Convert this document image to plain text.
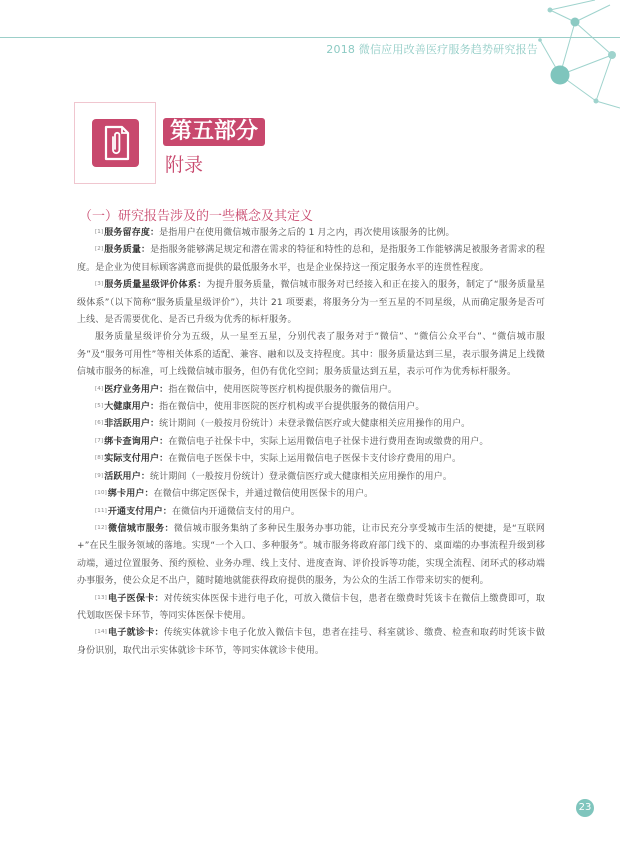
2018 微信应用改善医疗服务趋势研究报告
第五部分
附录
（一）研究报告涉及的一些概念及其定义

[1]服务留存度：是指用户在使用微信城市服务之后的 1 月之内，再次使用该服务的比例。

[2]服务质量：是指服务能够满足规定和潜在需求的特征和特性的总和，是指服务工作能够满足被服务者需求的程度。是企业为使目标顾客满意而提供的最低服务水平，也是企业保持这一预定服务水平的连贯性程度。

[3]服务质量星级评价体系：为提升服务质量，微信城市服务对已经接入和正在接入的服务，制定了“服务质量星级体系”（以下简称“服务质量星级评价”），共计 21 项要素，将服务分为一至五星的不同星级，从而确定服务是否可上线、是否需要优化、是否已升级为优秀的标杆服务。

服务质量星级评价分为五级，从一星至五星，分别代表了服务对于“微信”、“微信公众平台”、“微信城市服务”及“服务可用性”等相关体系的适配、兼容、融和以及支持程度。其中：服务质量达到三星，表示服务满足上线微信城市服务的标准，可上线微信城市服务，但仍有优化空间；服务质量达到五星，表示可作为优秀标杆服务。

[4]医疗业务用户：指在微信中，使用医院等医疗机构提供服务的微信用户。

[5]大健康用户：指在微信中，使用非医院的医疗机构或平台提供服务的微信用户。

[6]非活跃用户：统计期间（一般按月份统计）未登录微信医疗或大健康相关应用操作的用户。

[7]绑卡查询用户：在微信电子社保卡中，实际上运用微信电子社保卡进行费用查询或缴费的用户。

[8]实际支付用户：在微信电子医保卡中，实际上运用微信电子医保卡支付诊疗费用的用户。

[9]活跃用户：统计期间（一般按月份统计）登录微信医疗或大健康相关应用操作的用户。

[10]绑卡用户：在微信中绑定医保卡，并通过微信使用医保卡的用户。

[11]开通支付用户：在微信内开通微信支付的用户。

[12]微信城市服务：微信城市服务集纳了多种民生服务办事功能，让市民充分享受城市生活的便捷，是“互联网 +”在民生服务领域的落地。实现“一个入口、多种服务”。城市服务将政府部门线下的、桌面端的办事流程升级到移动端，通过位置服务、预约预检、业务办理、线上支付、进度查询、评价投诉等功能，实现全流程、闭环式的移动端办事服务，使公众足不出户，随时随地就能获得政府提供的服务，为公众的生活工作带来切实的便利。

[13]电子医保卡：对传统实体医保卡进行电子化，可放入微信卡包，患者在缴费时凭该卡在微信上缴费即可，取代划取医保卡环节，等同实体医保卡使用。

[14]电子就诊卡：传统实体就诊卡电子化放入微信卡包，患者在挂号、科室就诊、缴费、检查和取药时凭该卡做身份识别，取代出示实体就诊卡环节，等同实体就诊卡使用。

23
